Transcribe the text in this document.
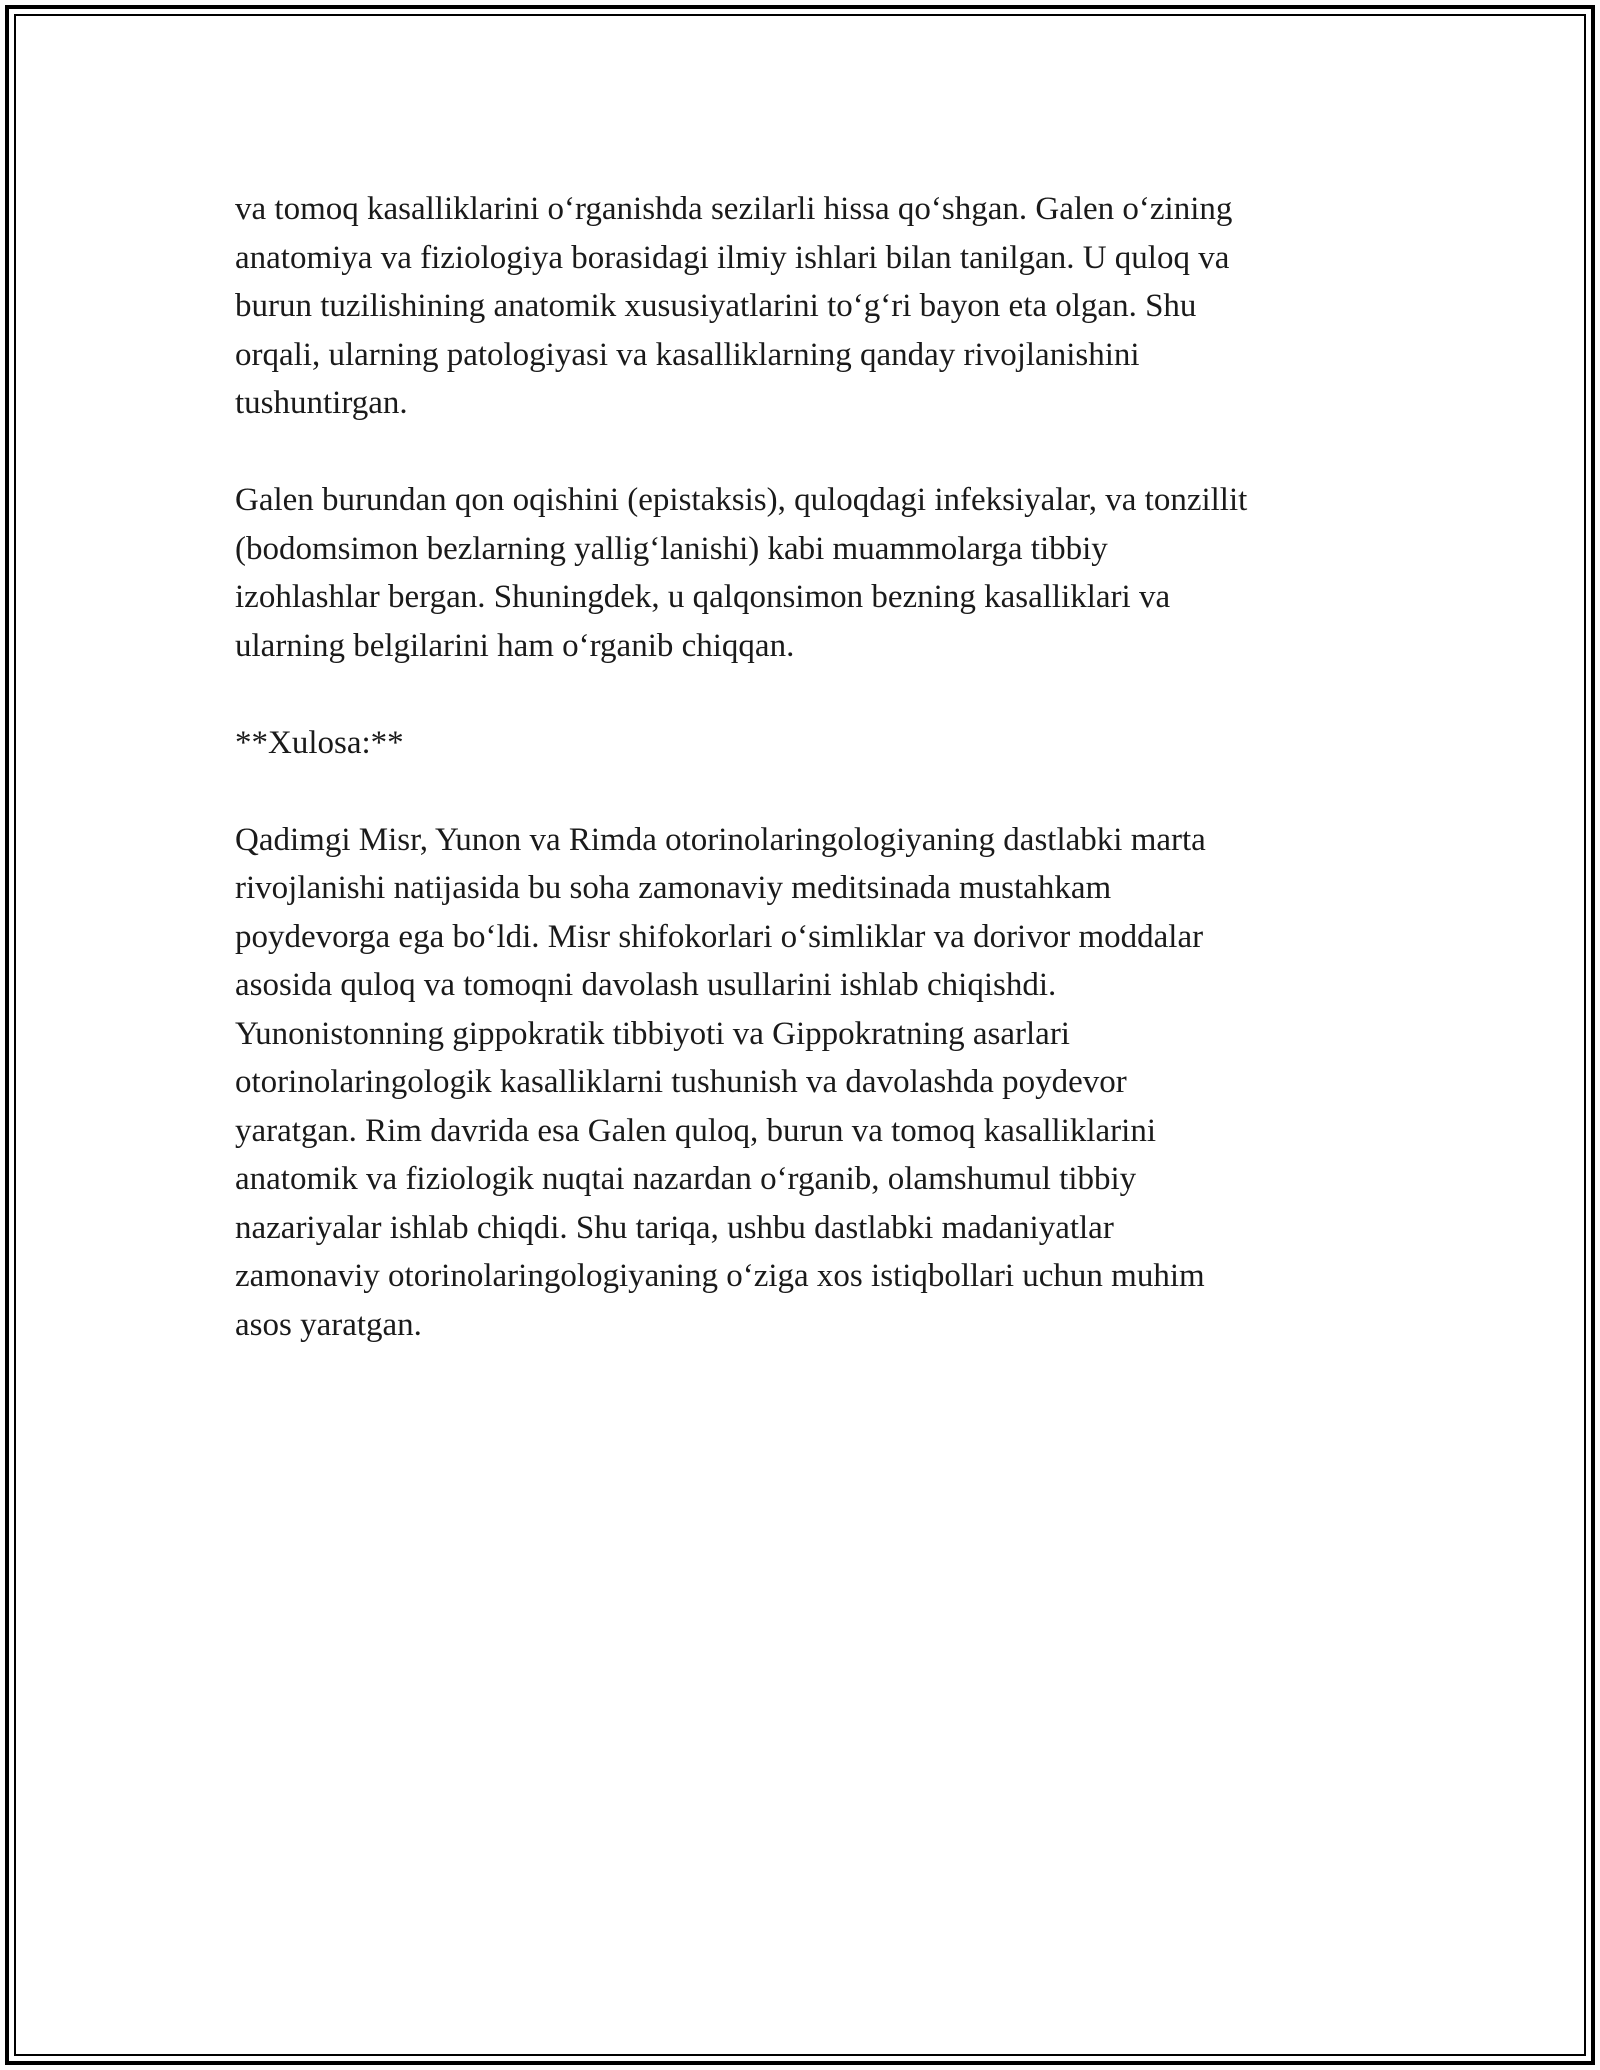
va tomoq kasalliklarini o‘rganishda sezilarli hissa qo‘shgan. Galen o‘zining
anatomiya va fiziologiya borasidagi ilmiy ishlari bilan tanilgan. U quloq va
burun tuzilishining anatomik xususiyatlarini to‘g‘ri bayon eta olgan. Shu
orqali, ularning patologiyasi va kasalliklarning qanday rivojlanishini
tushuntirgan.

Galen burundan qon oqishini (epistaksis), quloqdagi infeksiyalar, va tonzillit
(bodomsimon bezlarning yallig‘lanishi) kabi muammolarga tibbiy
izohlashlar bergan. Shuningdek, u qalqonsimon bezning kasalliklari va
ularning belgilarini ham o‘rganib chiqqan.

**Xulosa:**

Qadimgi Misr, Yunon va Rimda otorinolaringologiyaning dastlabki marta
rivojlanishi natijasida bu soha zamonaviy meditsinada mustahkam
poydevorga ega bo‘ldi. Misr shifokorlari o‘simliklar va dorivor moddalar
asosida quloq va tomoqni davolash usullarini ishlab chiqishdi.
Yunonistonning gippokratik tibbiyoti va Gippokratning asarlari
otorinolaringologik kasalliklarni tushunish va davolashda poydevor
yaratgan. Rim davrida esa Galen quloq, burun va tomoq kasalliklarini
anatomik va fiziologik nuqtai nazardan o‘rganib, olamshumul tibbiy
nazariyalar ishlab chiqdi. Shu tariqa, ushbu dastlabki madaniyatlar
zamonaviy otorinolaringologiyaning o‘ziga xos istiqbollari uchun muhim
asos yaratgan.
